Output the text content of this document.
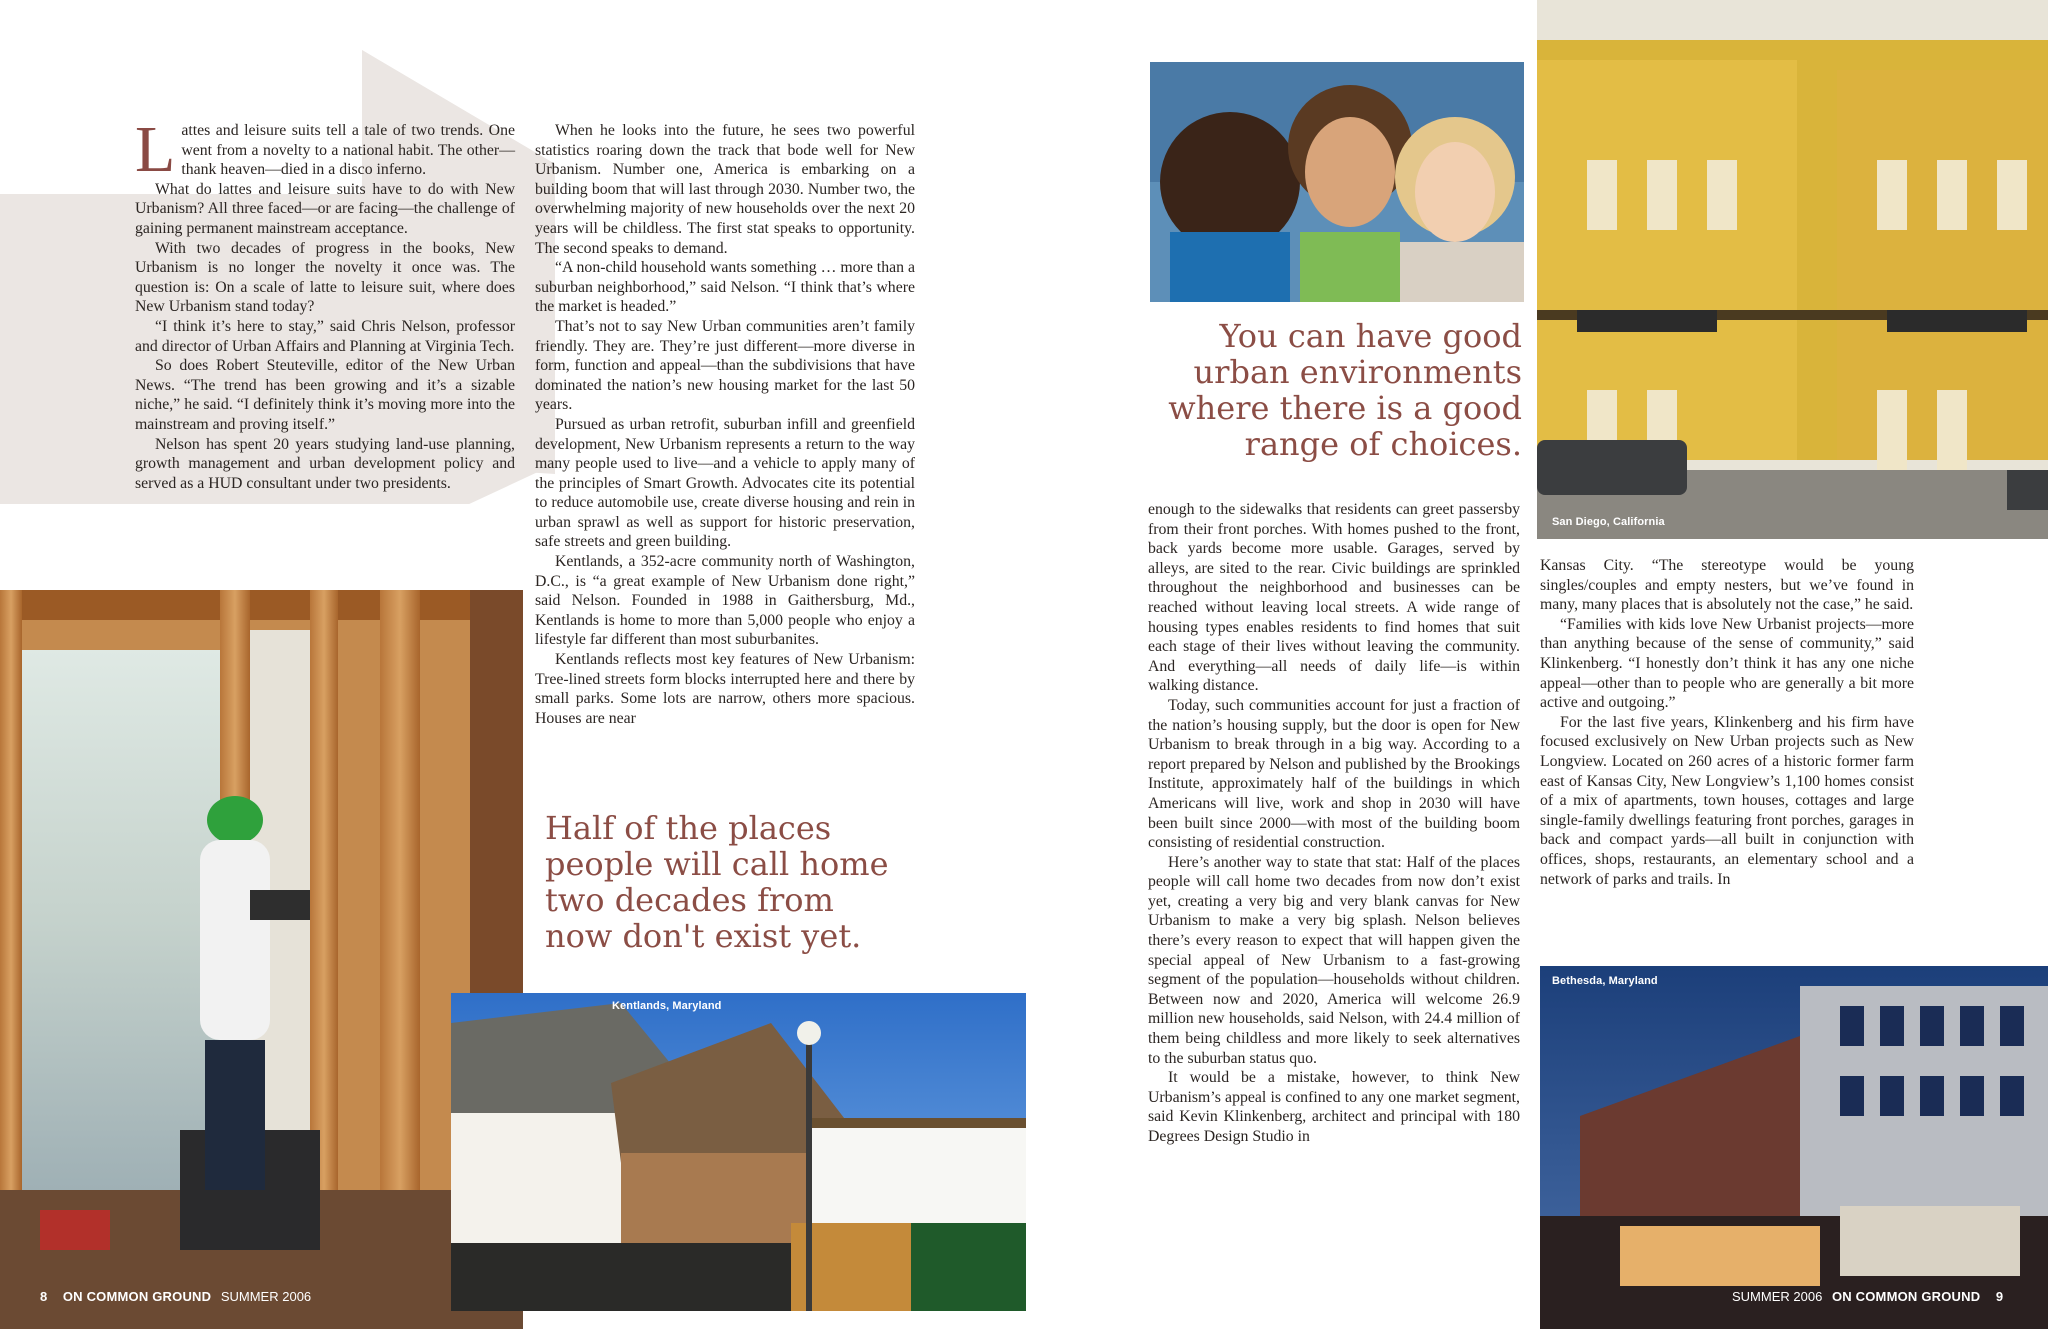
Lattes and leisure suits tell a tale of two trends. One went from a novelty to a national habit. The other—thank heaven—died in a disco inferno.

What do lattes and leisure suits have to do with New Urbanism? All three faced—or are facing—the challenge of gaining permanent mainstream acceptance.

With two decades of progress in the books, New Urbanism is no longer the novelty it once was. The question is: On a scale of latte to leisure suit, where does New Urbanism stand today?

“I think it’s here to stay,” said Chris Nelson, professor and director of Urban Affairs and Planning at Virginia Tech.

So does Robert Steuteville, editor of the New Urban News. “The trend has been growing and it’s a sizable niche,” he said. “I definitely think it’s moving more into the mainstream and proving itself.”

Nelson has spent 20 years studying land-use planning, growth management and urban development policy and served as a HUD consultant under two presidents.

When he looks into the future, he sees two powerful statistics roaring down the track that bode well for New Urbanism. Number one, America is embarking on a building boom that will last through 2030. Number two, the overwhelming majority of new households over the next 20 years will be childless. The first stat speaks to opportunity. The second speaks to demand.

“A non-child household wants something … more than a suburban neighborhood,” said Nelson. “I think that’s where the market is headed.”

That’s not to say New Urban communities aren’t family friendly. They are. They’re just different—more diverse in form, function and appeal—than the subdivisions that have dominated the nation’s new housing market for the last 50 years.

Pursued as urban retrofit, suburban infill and greenfield development, New Urbanism represents a return to the way many people used to live—and a vehicle to apply many of the principles of Smart Growth. Advocates cite its potential to reduce automobile use, create diverse housing and rein in urban sprawl as well as support for historic preservation, safe streets and green building.

Kentlands, a 352-acre community north of Washington, D.C., is “a great example of New Urbanism done right,” said Nelson. Founded in 1988 in Gaithersburg, Md., Kentlands is home to more than 5,000 people who enjoy a lifestyle far different than most suburbanites.

Kentlands reflects most key features of New Urbanism: Tree-lined streets form blocks interrupted here and there by small parks. Some lots are narrow, others more spacious. Houses are near

Half of the places people will call home two decades from now don't exist yet.
Kentlands, Maryland
You can have good urban environments where there is a good range of choices.
San Diego, California

enough to the sidewalks that residents can greet passersby from their front porches. With homes pushed to the front, back yards become more usable. Garages, served by alleys, are sited to the rear. Civic buildings are sprinkled throughout the neighborhood and businesses can be reached without leaving local streets. A wide range of housing types enables residents to find homes that suit each stage of their lives without leaving the community. And everything—all needs of daily life—is within walking distance.

Today, such communities account for just a fraction of the nation’s housing supply, but the door is open for New Urbanism to break through in a big way. According to a report prepared by Nelson and published by the Brookings Institute, approximately half of the buildings in which Americans will live, work and shop in 2030 will have been built since 2000—with most of the building boom consisting of residential construction.

Here’s another way to state that stat: Half of the places people will call home two decades from now don’t exist yet, creating a very big and very blank canvas for New Urbanism to make a very big splash. Nelson believes there’s every reason to expect that will happen given the special appeal of New Urbanism to a fast-growing segment of the population—households without children. Between now and 2020, America will welcome 26.9 million new households, said Nelson, with 24.4 million of them being childless and more likely to seek alternatives to the suburban status quo.

It would be a mistake, however, to think New Urbanism’s appeal is confined to any one market segment, said Kevin Klinkenberg, architect and principal with 180 Degrees Design Studio in

Kansas City. “The stereotype would be young singles/couples and empty nesters, but we’ve found in many, many places that is absolutely not the case,” he said.

“Families with kids love New Urbanist projects—more than anything because of the sense of community,” said Klinkenberg. “I honestly don’t think it has any one niche appeal—other than to people who are generally a bit more active and outgoing.”

For the last five years, Klinkenberg and his firm have focused exclusively on New Urban projects such as New Longview. Located on 260 acres of a historic former farm east of Kansas City, New Longview’s 1,100 homes consist of a mix of apartments, town houses, cottages and large single-family dwellings featuring front porches, garages in back and compact yards—all built in conjunction with offices, shops, restaurants, an elementary school and a network of parks and trails. In

Bethesda, Maryland
8 ON COMMON GROUND SUMMER 2006	SUMMER 2006 ON COMMON GROUND 9
